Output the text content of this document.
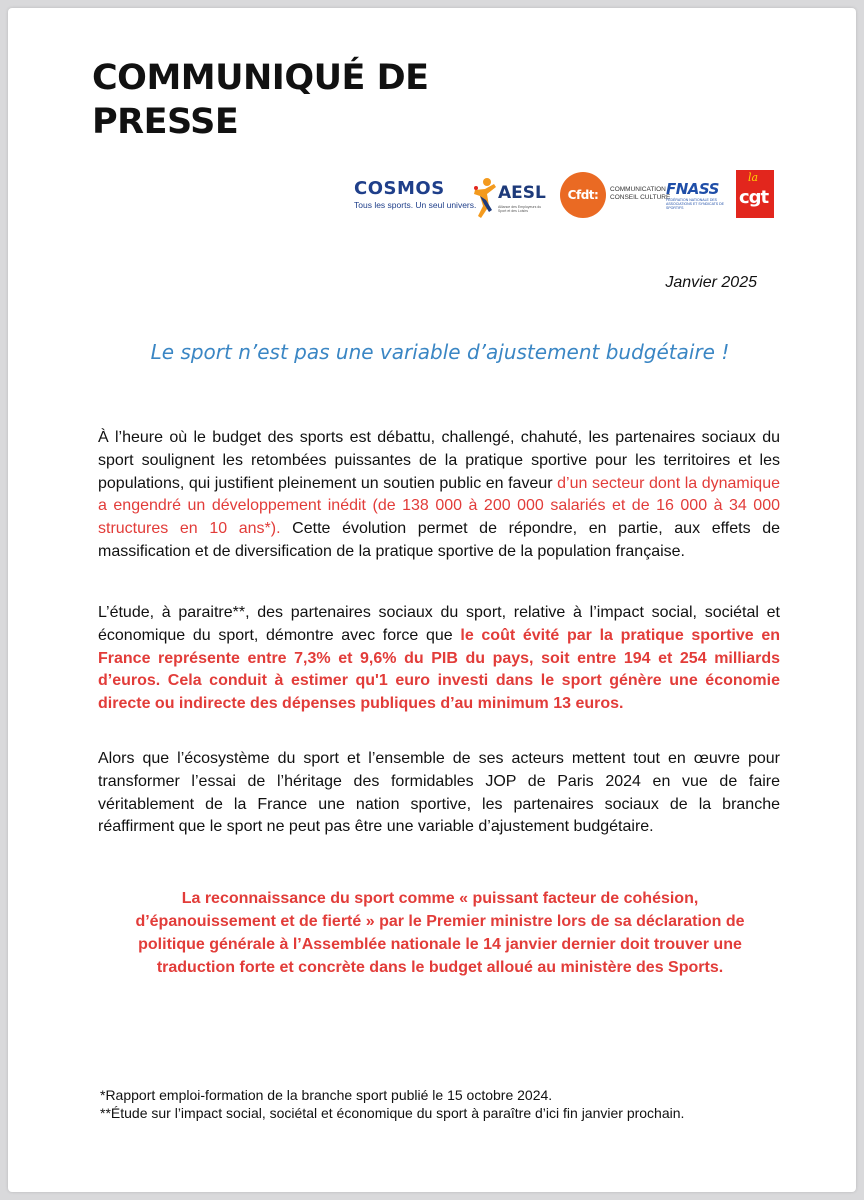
COMMUNIQUÉ DE
PRESSE
COSMOS
Tous les sports. Un seul univers.
AESL
Alliance des Employeurs du Sport et des Loisirs
Cfdt:	COMMUNICATION
CONSEIL CULTURE
FNASS
FÉDÉRATION NATIONALE DES ASSOCIATIONS ET SYNDICATS DE SPORTIFS
la
cgt
Janvier 2025
Le sport n’est pas une variable d’ajustement budgétaire !
À l’heure où le budget des sports est débattu, challengé, chahuté, les partenaires sociaux du sport soulignent les retombées puissantes de la pratique sportive pour les territoires et les populations, qui justifient pleinement un soutien public en faveur d’un secteur dont la dynamique a engendré un développement inédit (de 138 000 à 200 000 salariés et de 16 000 à 34 000 structures en 10 ans*). Cette évolution permet de répondre, en partie, aux effets de massification et de diversification de la pratique sportive de la population française.
L’étude, à paraitre**, des partenaires sociaux du sport, relative à l’impact social, sociétal et économique du sport, démontre avec force que le coût évité par la pratique sportive en France représente entre 7,3% et 9,6% du PIB du pays, soit entre 194 et 254 milliards d’euros. Cela conduit à estimer qu'1 euro investi dans le sport génère une économie directe ou indirecte des dépenses publiques d’au minimum 13 euros.
Alors que l’écosystème du sport et l’ensemble de ses acteurs mettent tout en œuvre pour transformer l’essai de l’héritage des formidables JOP de Paris 2024 en vue de faire véritablement de la France une nation sportive, les partenaires sociaux de la branche réaffirment que le sport ne peut pas être une variable d’ajustement budgétaire.
La reconnaissance du sport comme « puissant facteur de cohésion,
d’épanouissement et de fierté » par le Premier ministre lors de sa déclaration de
politique générale à l’Assemblée nationale le 14 janvier dernier doit trouver une
traduction forte et concrète dans le budget alloué au ministère des Sports.
*Rapport emploi-formation de la branche sport publié le 15 octobre 2024.
**Étude sur l’impact social, sociétal et économique du sport à paraître d’ici fin janvier prochain.
